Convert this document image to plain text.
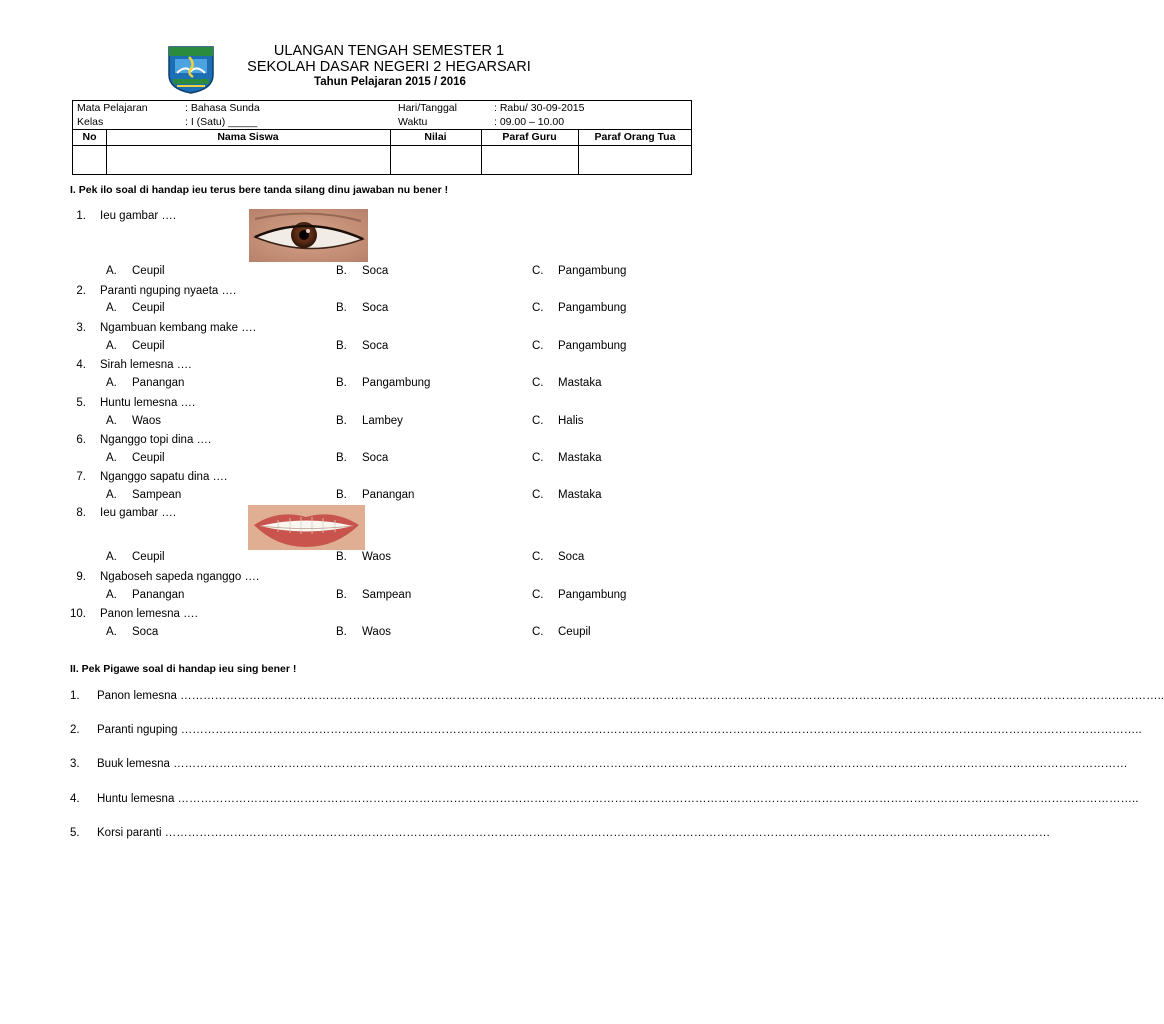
ULANGAN TENGAH SEMESTER 1
SEKOLAH DASAR NEGERI 2 HEGARSARI
Tahun Pelajaran 2015 / 2016
Mata Pelajaran	: Bahasa Sunda
Kelas	: I (Satu) _____
Hari/Tanggal	: Rabu/ 30-09-2015
Waktu	: 09.00 – 10.00
No	Nama Siswa	Nilai	Paraf Guru	Paraf Orang Tua
I. Pek ilo soal di handap ieu terus bere tanda silang dinu jawaban nu bener !
1. Ieu gambar ….
A. Ceupil	B. Soca	C. Pangambung
2. Paranti nguping nyaeta ….
A. Ceupil	B. Soca	C. Pangambung
3. Ngambuan kembang make ….
A. Ceupil	B. Soca	C. Pangambung
4. Sirah lemesna ….
A. Panangan	B. Pangambung	C. Mastaka
5. Huntu lemesna ….
A. Waos	B. Lambey	C. Halis
6. Nganggo topi dina ….
A. Ceupil	B. Soca	C. Mastaka
7. Nganggo sapatu dina ….
A. Sampean	B. Panangan	C. Mastaka
8. Ieu gambar ….
A. Ceupil	B. Waos	C. Soca
9. Ngaboseh sapeda nganggo ….
A. Panangan	B. Sampean	C. Pangambung
10. Panon lemesna ….
A. Soca	B. Waos	C. Ceupil
II. Pek Pigawe soal di handap ieu sing bener !
1. Panon lemesna …………………………………………………………………………………………………………………………………………………………………………………………………………………………………..
2. Paranti nguping ……………………………………………………………………………………………………………………………………………………………………………………………………………………………..
3. Buuk lemesna ……………………………………………………………………………………………………………………………………………………………………………………………………………………………
4. Huntu lemesna ……………………………………………………………………………………………………………………………………………………………………………………………………………………………..
5. Korsi paranti ……………………………………………………………………………………………………………………………………………………………………………………………………………
